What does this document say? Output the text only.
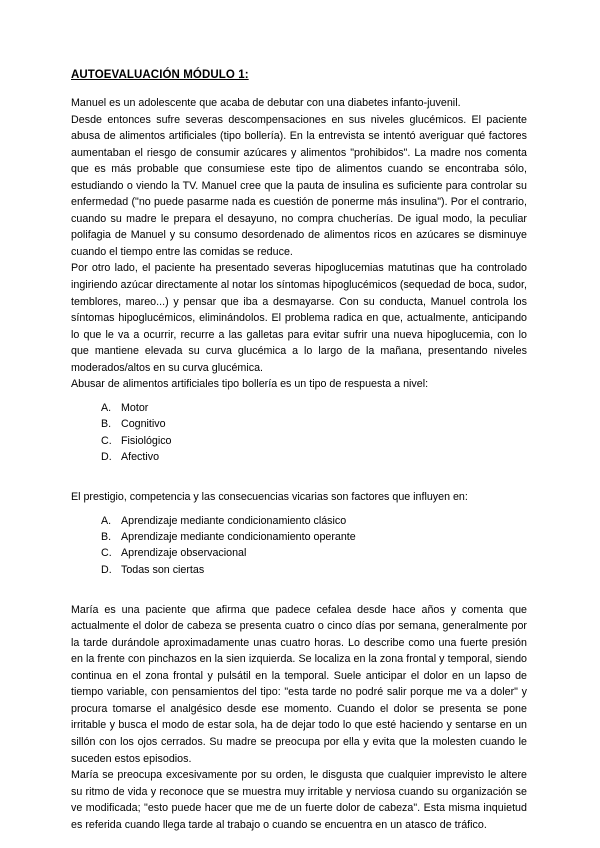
AUTOEVALUACIÓN MÓDULO 1:

Manuel es un adolescente que acaba de debutar con una diabetes infanto-juvenil.

Desde entonces sufre severas descompensaciones en sus niveles glucémicos. El paciente abusa de alimentos artificiales (tipo bollería). En la entrevista se intentó averiguar qué factores aumentaban el riesgo de consumir azúcares y alimentos "prohibidos". La madre nos comenta que es más probable que consumiese este tipo de alimentos cuando se encontraba sólo, estudiando o viendo la TV. Manuel cree que la pauta de insulina es suficiente para controlar su enfermedad ("no puede pasarme nada es cuestión de ponerme más insulina"). Por el contrario, cuando su madre le prepara el desayuno, no compra chucherías. De igual modo, la peculiar polifagia de Manuel y su consumo desordenado de alimentos ricos en azúcares se disminuye cuando el tiempo entre las comidas se reduce.

Por otro lado, el paciente ha presentado severas hipoglucemias matutinas que ha controlado ingiriendo azúcar directamente al notar los síntomas hipoglucémicos (sequedad de boca, sudor, temblores, mareo...) y pensar que iba a desmayarse. Con su conducta, Manuel controla los síntomas hipoglucémicos, eliminándolos. El problema radica en que, actualmente, anticipando lo que le va a ocurrir, recurre a las galletas para evitar sufrir una nueva hipoglucemia, con lo que mantiene elevada su curva glucémica a lo largo de la mañana, presentando niveles moderados/altos en su curva glucémica.

Abusar de alimentos artificiales tipo bollería es un tipo de respuesta a nivel:

A. Motor
B. Cognitivo
C. Fisiológico
D. Afectivo

El prestigio, competencia y las consecuencias vicarias son factores que influyen en:

A. Aprendizaje mediante condicionamiento clásico
B. Aprendizaje mediante condicionamiento operante
C. Aprendizaje observacional
D. Todas son ciertas

María es una paciente que afirma que padece cefalea desde hace años y comenta que actualmente el dolor de cabeza se presenta cuatro o cinco días por semana, generalmente por la tarde durándole aproximadamente unas cuatro horas. Lo describe como una fuerte presión en la frente con pinchazos en la sien izquierda. Se localiza en la zona frontal y temporal, siendo continua en el zona frontal y pulsátil en la temporal. Suele anticipar el dolor en un lapso de tiempo variable, con pensamientos del tipo: "esta tarde no podré salir porque me va a doler" y procura tomarse el analgésico desde ese momento. Cuando el dolor se presenta se pone irritable y busca el modo de estar sola, ha de dejar todo lo que esté haciendo y sentarse en un sillón con los ojos cerrados. Su madre se preocupa por ella y evita que la molesten cuando le suceden estos episodios.

María se preocupa excesivamente por su orden, le disgusta que cualquier imprevisto le altere su ritmo de vida y reconoce que se muestra muy irritable y nerviosa cuando su organización se ve modificada; "esto puede hacer que me de un fuerte dolor de cabeza". Esta misma inquietud es referida cuando llega tarde al trabajo o cuando se encuentra en un atasco de tráfico.
